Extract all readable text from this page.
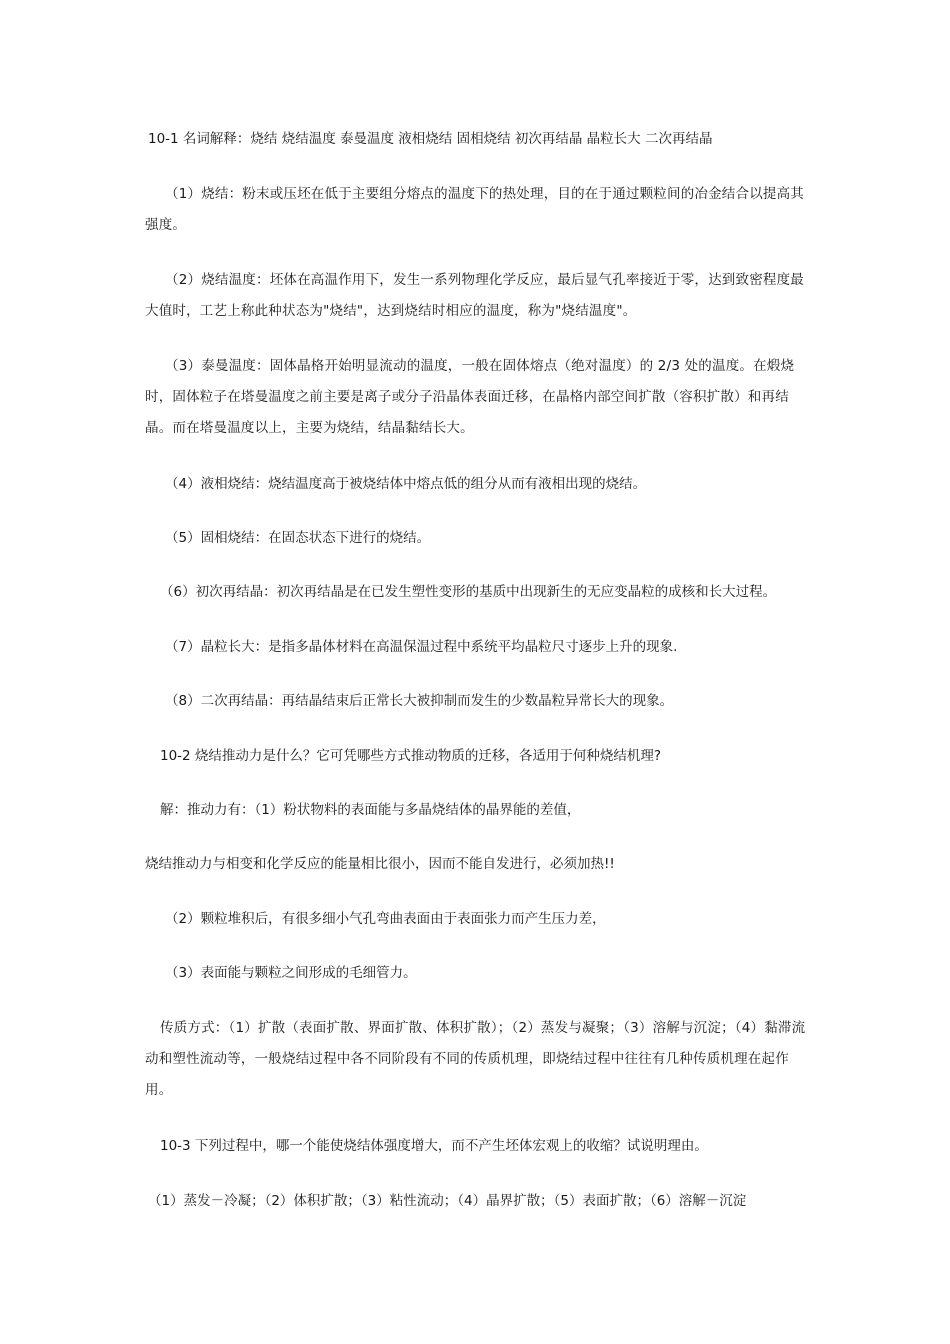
10-1 名词解释：烧结 烧结温度 泰曼温度 液相烧结 固相烧结 初次再结晶 晶粒长大 二次再结晶
（1）烧结：粉末或压坯在低于主要组分熔点的温度下的热处理，目的在于通过颗粒间的冶金结合以提高其强度。
（2）烧结温度：坯体在高温作用下，发生一系列物理化学反应，最后显气孔率接近于零，达到致密程度最大值时，工艺上称此种状态为"烧结"，达到烧结时相应的温度，称为"烧结温度"。
（3）泰曼温度：固体晶格开始明显流动的温度，一般在固体熔点（绝对温度）的 2/3 处的温度。在煅烧时，固体粒子在塔曼温度之前主要是离子或分子沿晶体表面迁移，在晶格内部空间扩散（容积扩散）和再结晶。而在塔曼温度以上，主要为烧结，结晶黏结长大。
（4）液相烧结：烧结温度高于被烧结体中熔点低的组分从而有液相出现的烧结。
（5）固相烧结：在固态状态下进行的烧结。
（6）初次再结晶：初次再结晶是在已发生塑性变形的基质中出现新生的无应变晶粒的成核和长大过程。
（7）晶粒长大：是指多晶体材料在高温保温过程中系统平均晶粒尺寸逐步上升的现象.
（8）二次再结晶：再结晶结束后正常长大被抑制而发生的少数晶粒异常长大的现象。
10-2 烧结推动力是什么？它可凭哪些方式推动物质的迁移，各适用于何种烧结机理?
解：推动力有：（1）粉状物料的表面能与多晶烧结体的晶界能的差值，
烧结推动力与相变和化学反应的能量相比很小，因而不能自发进行，必须加热!!
（2）颗粒堆积后，有很多细小气孔弯曲表面由于表面张力而产生压力差，
（3）表面能与颗粒之间形成的毛细管力。
传质方式：（1）扩散（表面扩散、界面扩散、体积扩散）；（2）蒸发与凝聚；（3）溶解与沉淀；（4）黏滞流动和塑性流动等，一般烧结过程中各不同阶段有不同的传质机理，即烧结过程中往往有几种传质机理在起作用。
10-3 下列过程中，哪一个能使烧结体强度增大，而不产生坯体宏观上的收缩？试说明理由。
（1）蒸发－冷凝；（2）体积扩散；（3）粘性流动；（4）晶界扩散；（5）表面扩散；（6）溶解－沉淀
